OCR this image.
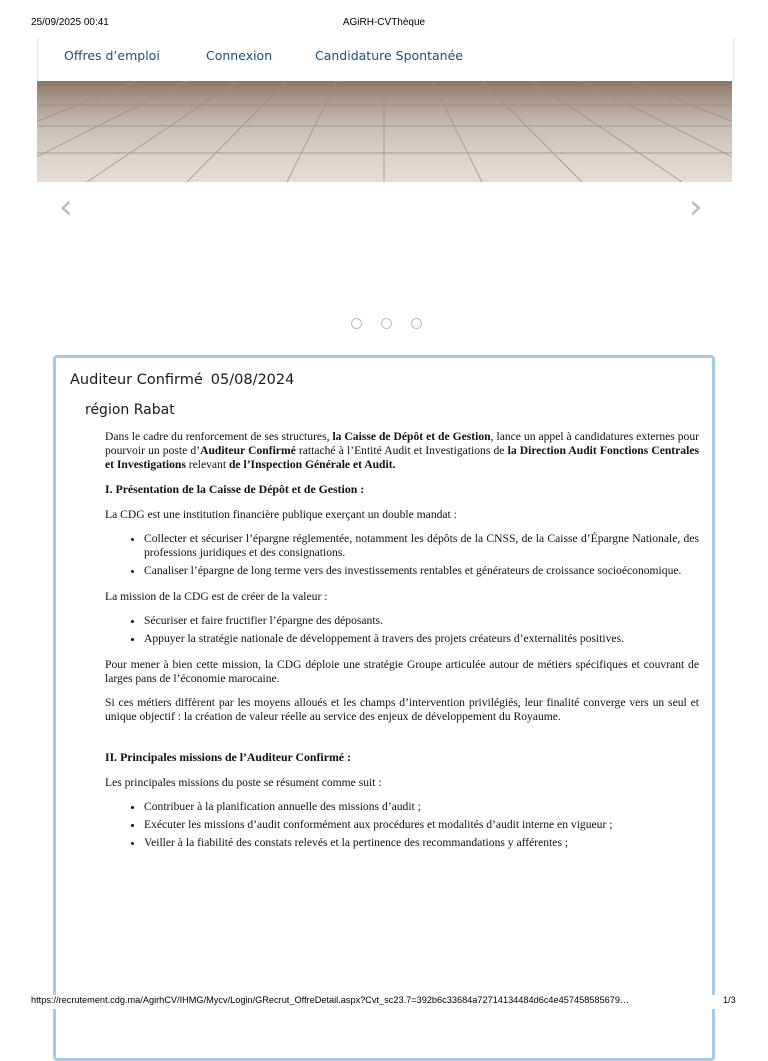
25/09/2025 00:41	AGiRH-CVThèque
Offres d’emploi	Connexion	Candidature Spontanée
‹	›

Auditeur Confirmé 05/08/2024
région Rabat

Dans le cadre du renforcement de ses structures, la Caisse de Dépôt et de Gestion, lance un appel à candidatures externes pour pourvoir un poste d’Auditeur Confirmé rattaché à l’Entité Audit et Investigations de la Direction Audit Fonctions Centrales et Investigations relevant de l’Inspection Générale et Audit.

I. Présentation de la Caisse de Dépôt et de Gestion :

La CDG est une institution financière publique exerçant un double mandat :

• Collecter et sécuriser l’épargne réglementée, notamment les dépôts de la CNSS, de la Caisse d’Épargne Nationale, des professions juridiques et des consignations.
• Canaliser l’épargne de long terme vers des investissements rentables et générateurs de croissance socioéconomique.

La mission de la CDG est de créer de la valeur :

• Sécuriser et faire fructifier l’épargne des déposants.
• Appuyer la stratégie nationale de développement à travers des projets créateurs d’externalités positives.

Pour mener à bien cette mission, la CDG déploie une stratégie Groupe articulée autour de métiers spécifiques et couvrant de larges pans de l’économie marocaine.

Si ces métiers diffèrent par les moyens alloués et les champs d’intervention privilégiés, leur finalité converge vers un seul et unique objectif : la création de valeur réelle au service des enjeux de développement du Royaume.

II. Principales missions de l’Auditeur Confirmé :

Les principales missions du poste se résument comme suit :

• Contribuer à la planification annuelle des missions d’audit ;
• Exécuter les missions d’audit conformément aux procédures et modalités d’audit interne en vigueur ;
• Veiller à la fiabilité des constats relevés et la pertinence des recommandations y afférentes ;
https://recrutement.cdg.ma/AgirhCV/IHMG/Mycv/Login/GRecrut_OffreDetail.aspx?Cvt_sc23.7=392b6c33684a72714134484d6c4e457458585679…	1/3
